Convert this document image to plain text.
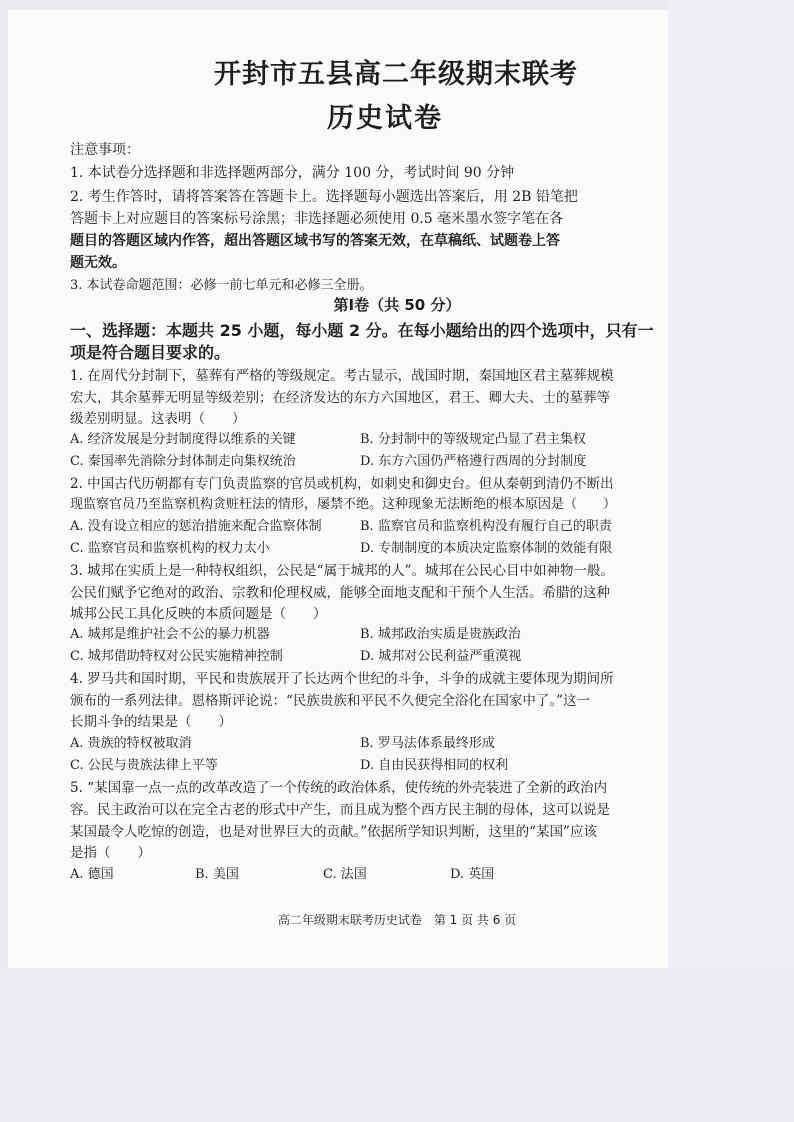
开封市五县高二年级期末联考
历史试卷
注意事项：
1. 本试卷分选择题和非选择题两部分，满分 100 分，考试时间 90 分钟
2. 考生作答时，请将答案答在答题卡上。选择题每小题选出答案后，用 2B 铅笔把
答题卡上对应题目的答案标号涂黑；非选择题必须使用 0.5 毫米墨水签字笔在各
题目的答题区域内作答，超出答题区域书写的答案无效，在草稿纸、试题卷上答
题无效。
3. 本试卷命题范围：必修一前七单元和必修三全册。
第Ⅰ卷（共 50 分）
一、选择题：本题共 25 小题，每小题 2 分。在每小题给出的四个选项中，只有一
项是符合题目要求的。
1. 在周代分封制下，墓葬有严格的等级规定。考古显示，战国时期，秦国地区君主墓葬规模
宏大，其余墓葬无明显等级差别；在经济发达的东方六国地区，君王、卿大夫、士的墓葬等
级差别明显。这表明（　　）
A. 经济发展是分封制度得以维系的关键	B. 分封制中的等级规定凸显了君主集权
C. 秦国率先消除分封体制走向集权统治	D. 东方六国仍严格遵行西周的分封制度
2. 中国古代历朝都有专门负责监察的官员或机构，如刺史和御史台。但从秦朝到清仍不断出
现监察官员乃至监察机构贪赃枉法的情形，屡禁不绝。这种现象无法断绝的根本原因是（　　）
A. 没有设立相应的惩治措施来配合监察体制	B. 监察官员和监察机构没有履行自己的职责
C. 监察官员和监察机构的权力太小	D. 专制制度的本质决定监察体制的效能有限
3. 城邦在实质上是一种特权组织，公民是“属于城邦的人”。城邦在公民心目中如神物一般。
公民们赋予它绝对的政治、宗教和伦理权威，能够全面地支配和干预个人生活。希腊的这种
城邦公民工具化反映的本质问题是（　　）
A. 城邦是维护社会不公的暴力机器	B. 城邦政治实质是贵族政治
C. 城邦借助特权对公民实施精神控制	D. 城邦对公民利益严重漠视
4. 罗马共和国时期，平民和贵族展开了长达两个世纪的斗争，斗争的成就主要体现为期间所
颁布的一系列法律。恩格斯评论说：“民族贵族和平民不久便完全浴化在国家中了。”这一
长期斗争的结果是（　　）
A. 贵族的特权被取消	B. 罗马法体系最终形成
C. 公民与贵族法律上平等	D. 自由民获得相同的权利
5. “某国靠一点一点的改革改造了一个传统的政治体系，使传统的外壳装进了全新的政治内
容。民主政治可以在完全古老的形式中产生，而且成为整个西方民主制的母体，这可以说是
某国最令人吃惊的创造，也是对世界巨大的贡献。”依据所学知识判断，这里的“某国”应该
是指（　　）
A. 德国	B. 美国	C. 法国	D. 英国
高二年级期末联考历史试卷　第 1 页 共 6 页
